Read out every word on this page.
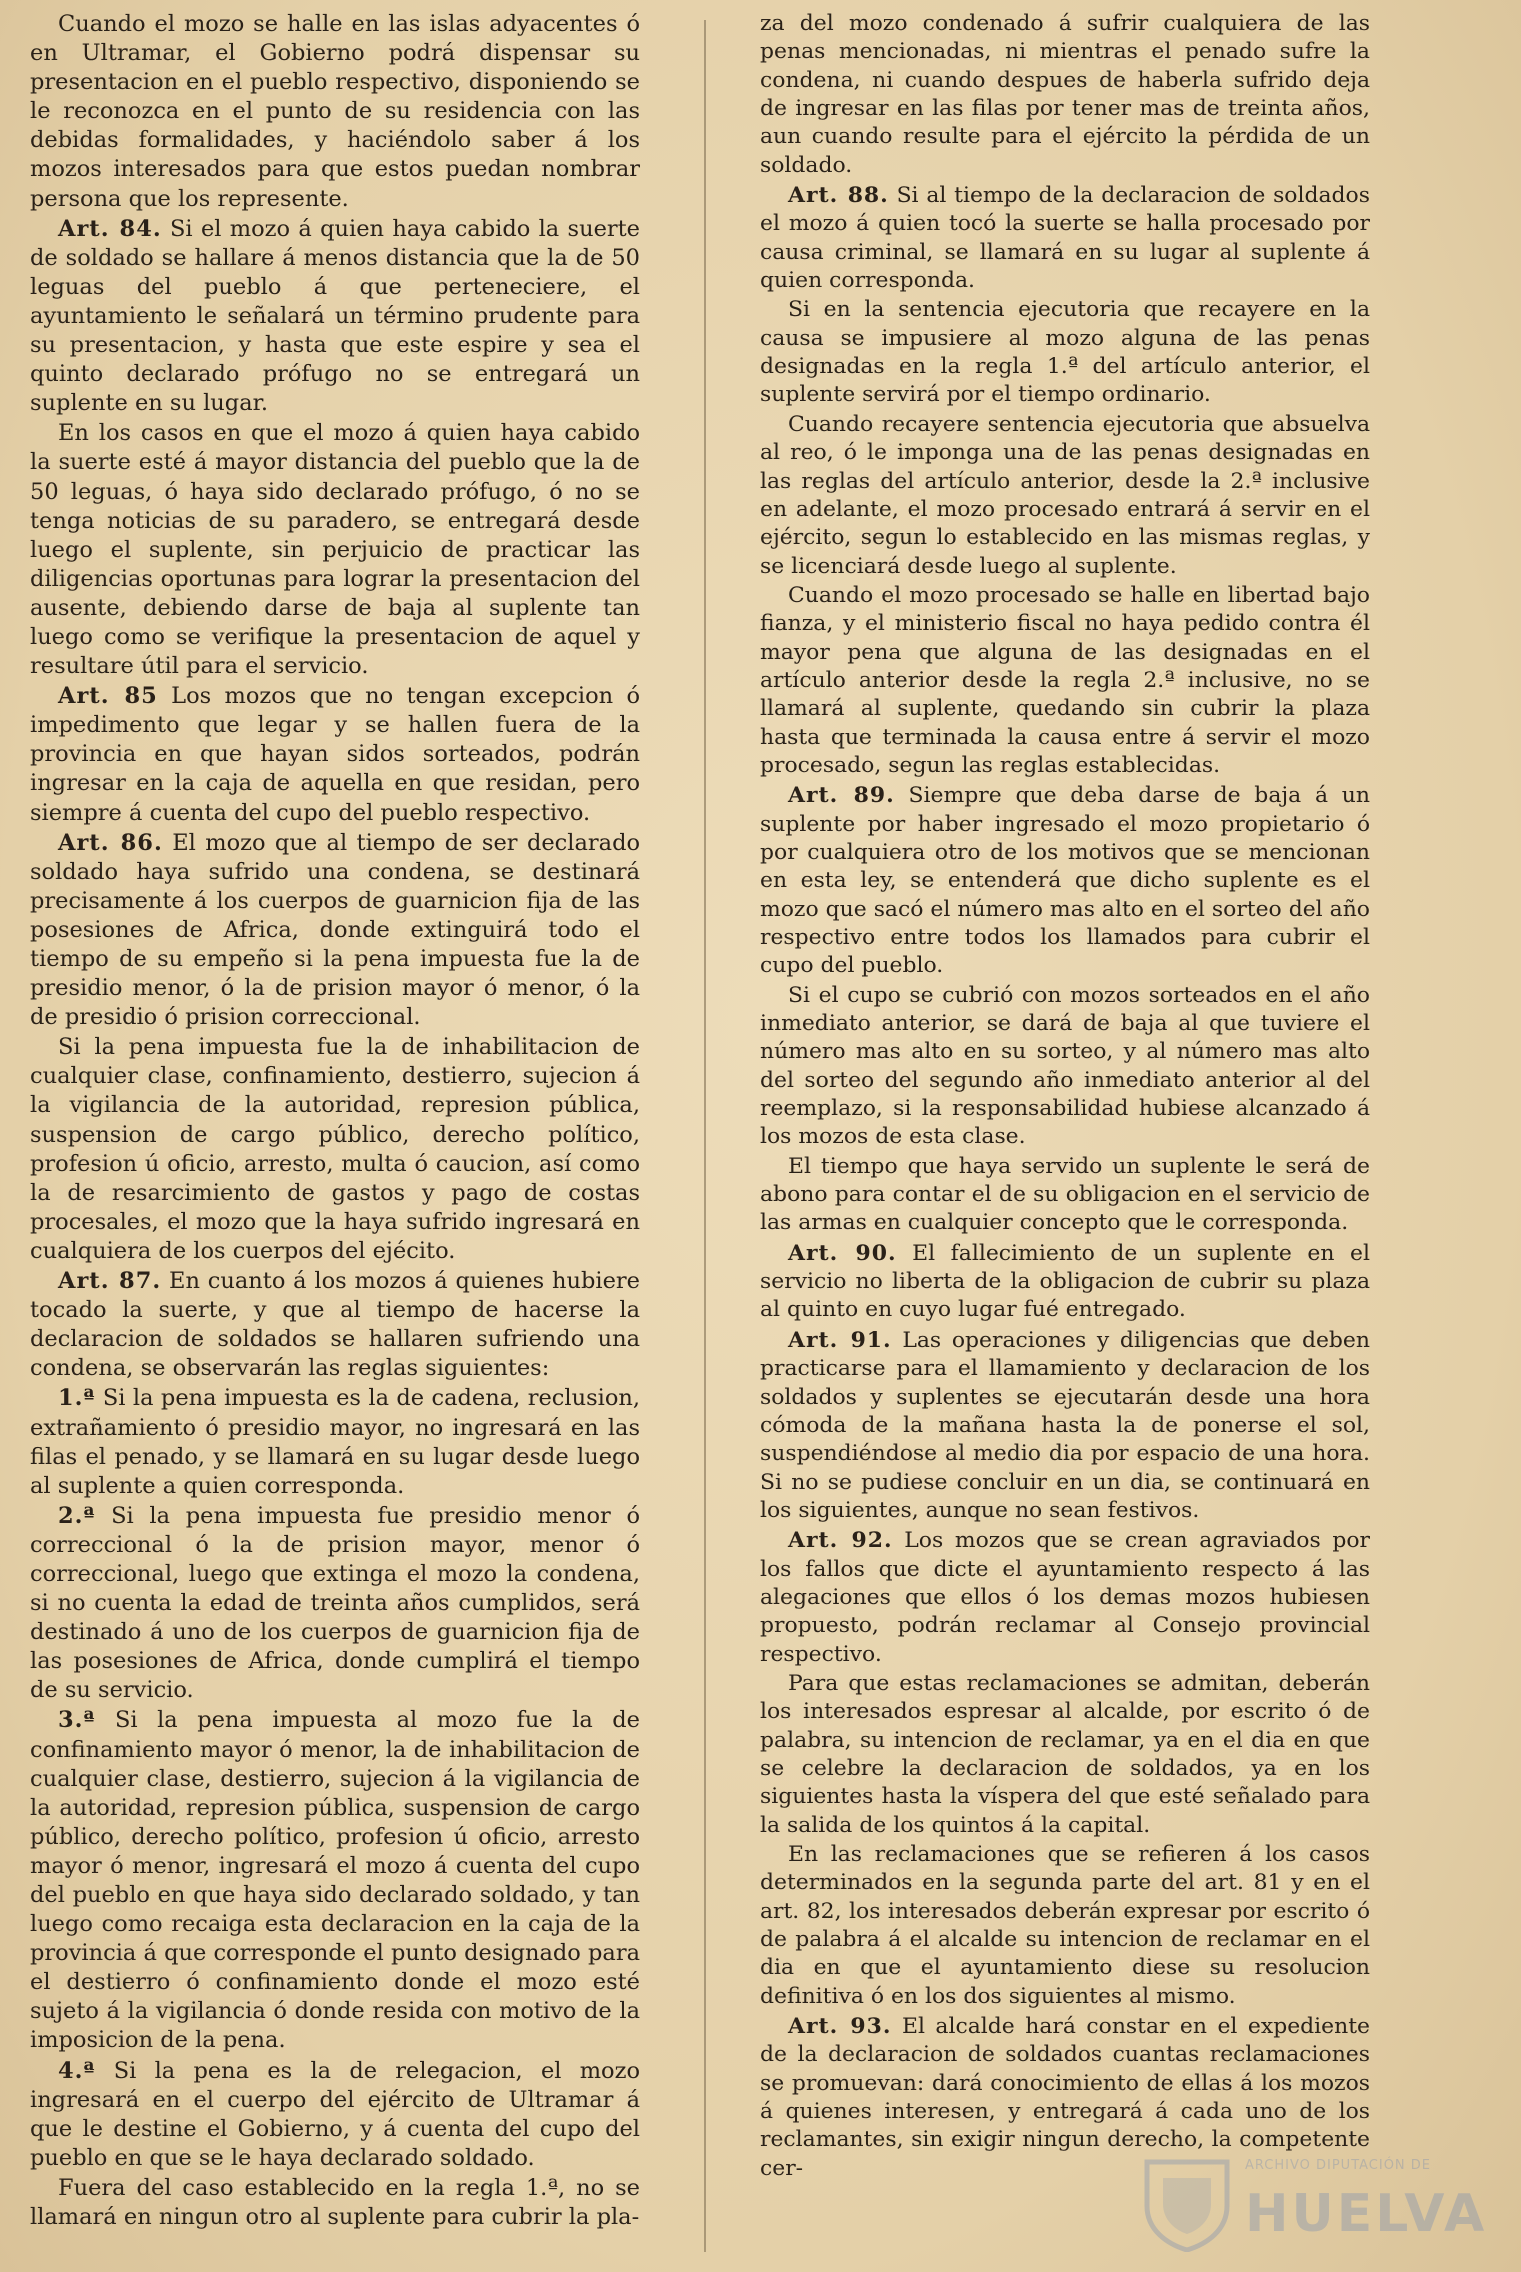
Cuando el mozo se halle en las islas adyacentes ó en Ultramar, el Gobierno podrá dispensar su presentacion en el pueblo respectivo, disponiendo se le reconozca en el punto de su residencia con las debidas formalidades, y haciéndolo saber á los mozos interesados para que estos puedan nombrar persona que los represente.

Art. 84. Si el mozo á quien haya cabido la suerte de soldado se hallare á menos distancia que la de 50 leguas del pueblo á que perteneciere, el ayuntamiento le señalará un término prudente para su presentacion, y hasta que este espire y sea el quinto declarado prófugo no se entregará un suplente en su lugar.

En los casos en que el mozo á quien haya cabido la suerte esté á mayor distancia del pueblo que la de 50 leguas, ó haya sido declarado prófugo, ó no se tenga noticias de su paradero, se entregará desde luego el suplente, sin perjuicio de practicar las diligencias oportunas para lograr la presentacion del ausente, debiendo darse de baja al suplente tan luego como se verifique la presentacion de aquel y resultare útil para el servicio.

Art. 85 Los mozos que no tengan excepcion ó impedimento que legar y se hallen fuera de la provincia en que hayan sidos sorteados, podrán ingresar en la caja de aquella en que residan, pero siempre á cuenta del cupo del pueblo respectivo.

Art. 86. El mozo que al tiempo de ser declarado soldado haya sufrido una condena, se destinará precisamente á los cuerpos de guarnicion fija de las posesiones de Africa, donde extinguirá todo el tiempo de su empeño si la pena impuesta fue la de presidio menor, ó la de prision mayor ó menor, ó la de presidio ó prision correccional.

Si la pena impuesta fue la de inhabilitacion de cualquier clase, confinamiento, destierro, sujecion á la vigilancia de la autoridad, represion pública, suspension de cargo público, derecho político, profesion ú oficio, arresto, multa ó caucion, así como la de resarcimiento de gastos y pago de costas procesales, el mozo que la haya sufrido ingresará en cualquiera de los cuerpos del ejécito.

Art. 87. En cuanto á los mozos á quienes hubiere tocado la suerte, y que al tiempo de hacerse la declaracion de soldados se hallaren sufriendo una condena, se observarán las reglas siguientes:

1.ª Si la pena impuesta es la de cadena, reclusion, extrañamiento ó presidio mayor, no ingresará en las filas el penado, y se llamará en su lugar desde luego al suplente a quien corresponda.

2.ª Si la pena impuesta fue presidio menor ó correccional ó la de prision mayor, menor ó correccional, luego que extinga el mozo la condena, si no cuenta la edad de treinta años cumplidos, será destinado á uno de los cuerpos de guarnicion fija de las posesiones de Africa, donde cumplirá el tiempo de su servicio.

3.ª Si la pena impuesta al mozo fue la de confinamiento mayor ó menor, la de inhabilitacion de cualquier clase, destierro, sujecion á la vigilancia de la autoridad, represion pública, suspension de cargo público, derecho político, profesion ú oficio, arresto mayor ó menor, ingresará el mozo á cuenta del cupo del pueblo en que haya sido declarado soldado, y tan luego como recaiga esta declaracion en la caja de la provincia á que corresponde el punto designado para el destierro ó confinamiento donde el mozo esté sujeto á la vigilancia ó donde resida con motivo de la imposicion de la pena.

4.ª Si la pena es la de relegacion, el mozo ingresará en el cuerpo del ejército de Ultramar á que le destine el Gobierno, y á cuenta del cupo del pueblo en que se le haya declarado soldado.

Fuera del caso establecido en la regla 1.ª, no se llamará en ningun otro al suplente para cubrir la pla-

za del mozo condenado á sufrir cualquiera de las penas mencionadas, ni mientras el penado sufre la condena, ni cuando despues de haberla sufrido deja de ingresar en las filas por tener mas de treinta años, aun cuando resulte para el ejército la pérdida de un soldado.

Art. 88. Si al tiempo de la declaracion de soldados el mozo á quien tocó la suerte se halla procesado por causa criminal, se llamará en su lugar al suplente á quien corresponda.

Si en la sentencia ejecutoria que recayere en la causa se impusiere al mozo alguna de las penas designadas en la regla 1.ª del artículo anterior, el suplente servirá por el tiempo ordinario.

Cuando recayere sentencia ejecutoria que absuelva al reo, ó le imponga una de las penas designadas en las reglas del artículo anterior, desde la 2.ª inclusive en adelante, el mozo procesado entrará á servir en el ejército, segun lo establecido en las mismas reglas, y se licenciará desde luego al suplente.

Cuando el mozo procesado se halle en libertad bajo fianza, y el ministerio fiscal no haya pedido contra él mayor pena que alguna de las designadas en el artículo anterior desde la regla 2.ª inclusive, no se llamará al suplente, quedando sin cubrir la plaza hasta que terminada la causa entre á servir el mozo procesado, segun las reglas establecidas.

Art. 89. Siempre que deba darse de baja á un suplente por haber ingresado el mozo propietario ó por cualquiera otro de los motivos que se mencionan en esta ley, se entenderá que dicho suplente es el mozo que sacó el número mas alto en el sorteo del año respectivo entre todos los llamados para cubrir el cupo del pueblo.

Si el cupo se cubrió con mozos sorteados en el año inmediato anterior, se dará de baja al que tuviere el número mas alto en su sorteo, y al número mas alto del sorteo del segundo año inmediato anterior al del reemplazo, si la responsabilidad hubiese alcanzado á los mozos de esta clase.

El tiempo que haya servido un suplente le será de abono para contar el de su obligacion en el servicio de las armas en cualquier concepto que le corresponda.

Art. 90. El fallecimiento de un suplente en el servicio no liberta de la obligacion de cubrir su plaza al quinto en cuyo lugar fué entregado.

Art. 91. Las operaciones y diligencias que deben practicarse para el llamamiento y declaracion de los soldados y suplentes se ejecutarán desde una hora cómoda de la mañana hasta la de ponerse el sol, suspendiéndose al medio dia por espacio de una hora. Si no se pudiese concluir en un dia, se continuará en los siguientes, aunque no sean festivos.

Art. 92. Los mozos que se crean agraviados por los fallos que dicte el ayuntamiento respecto á las alegaciones que ellos ó los demas mozos hubiesen propuesto, podrán reclamar al Consejo provincial respectivo.

Para que estas reclamaciones se admitan, deberán los interesados espresar al alcalde, por escrito ó de palabra, su intencion de reclamar, ya en el dia en que se celebre la declaracion de soldados, ya en los siguientes hasta la víspera del que esté señalado para la salida de los quintos á la capital.

En las reclamaciones que se refieren á los casos determinados en la segunda parte del art. 81 y en el art. 82, los interesados deberán expresar por escrito ó de palabra á el alcalde su intencion de reclamar en el dia en que el ayuntamiento diese su resolucion definitiva ó en los dos siguientes al mismo.

Art. 93. El alcalde hará constar en el expediente de la declaracion de soldados cuantas reclamaciones se promuevan: dará conocimiento de ellas á los mozos á quienes interesen, y entregará á cada uno de los reclamantes, sin exigir ningun derecho, la competente cer-	ARCHIVO DIPUTACIÓN DE
HUELVA
